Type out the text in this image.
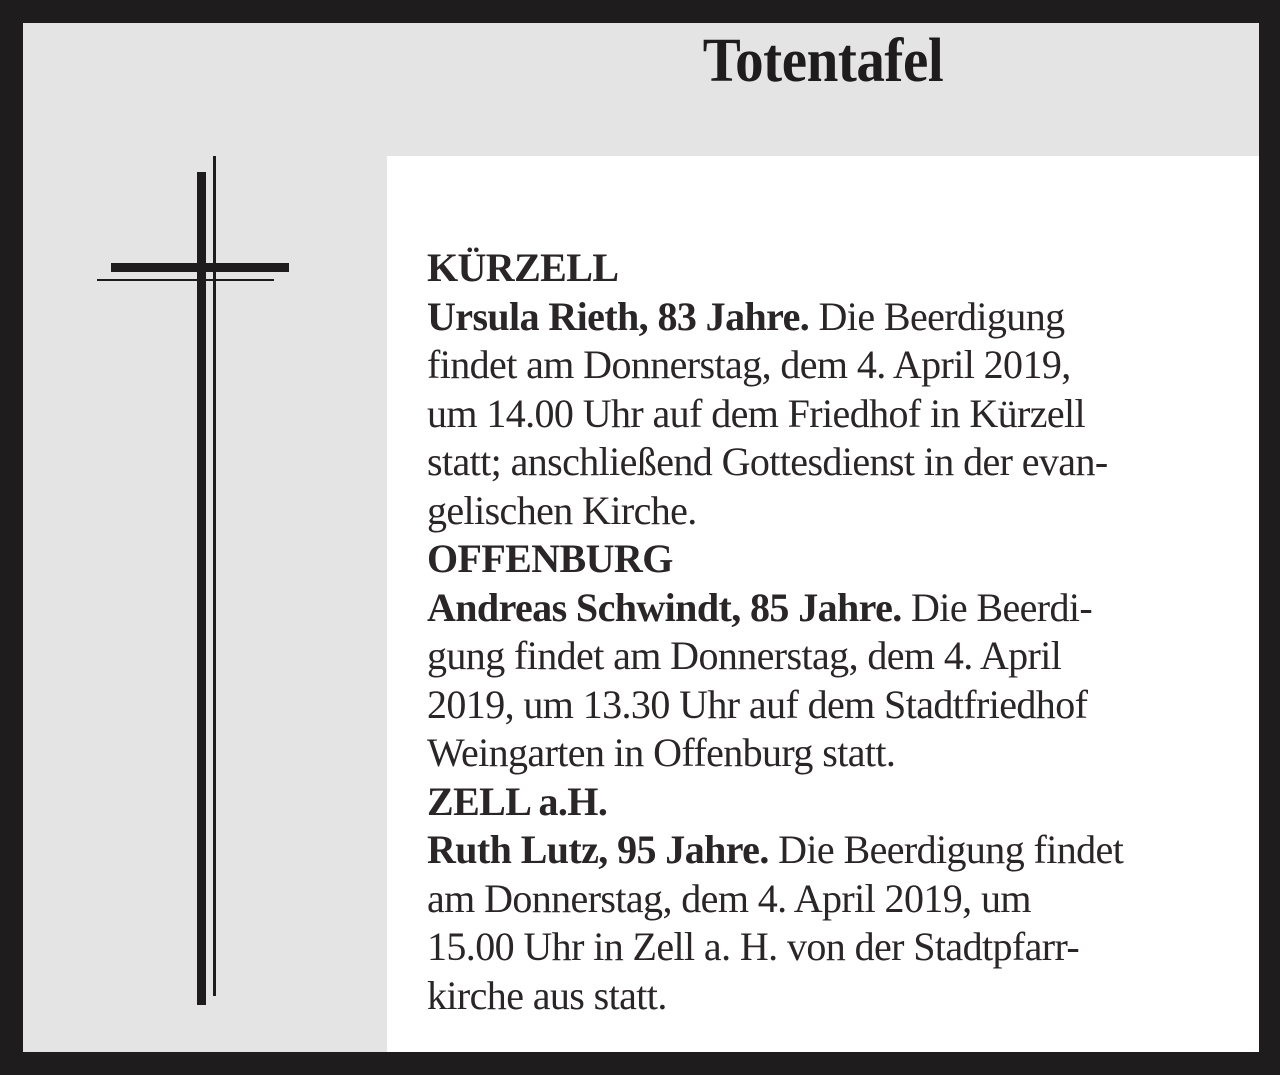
Totentafel
KÜRZELL
Ursula Rieth, 83 Jahre. Die Beerdigung
findet am Donnerstag, dem 4. April 2019,
um 14.00 Uhr auf dem Friedhof in Kürzell
statt; anschließend Gottesdienst in der evan-
gelischen Kirche.
OFFENBURG
Andreas Schwindt, 85 Jahre. Die Beerdi-
gung findet am Donnerstag, dem 4. April
2019, um 13.30 Uhr auf dem Stadtfriedhof
Weingarten in Offenburg statt.
ZELL a.H.
Ruth Lutz, 95 Jahre. Die Beerdigung findet
am Donnerstag, dem 4. April 2019, um
15.00 Uhr in Zell a. H. von der Stadtpfarr-
kirche aus statt.
